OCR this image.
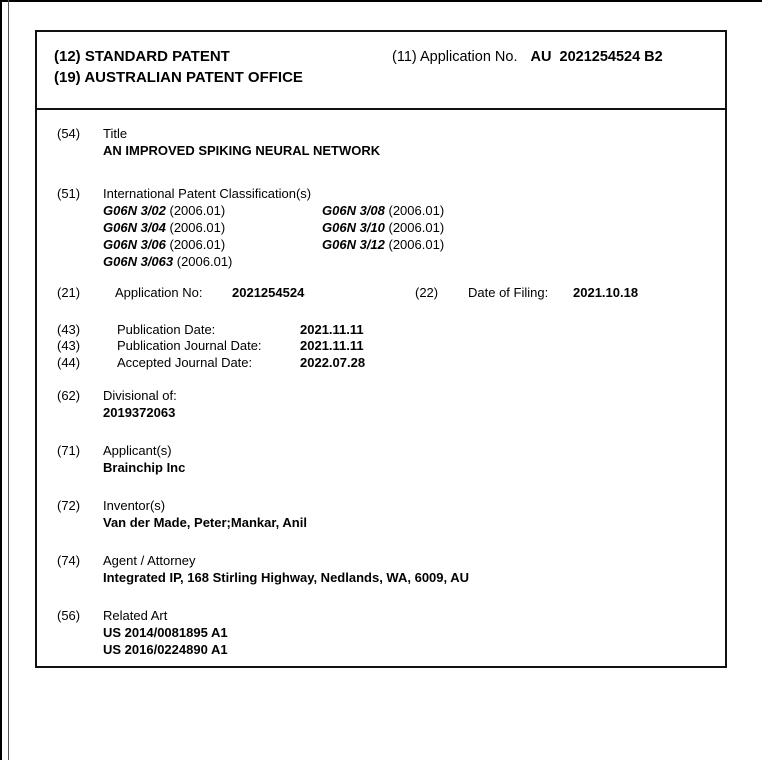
(12) STANDARD PATENT
(19) AUSTRALIAN PATENT OFFICE
(11) Application No. AU  2021254524 B2
(54) Title
AN IMPROVED SPIKING NEURAL NETWORK
(51) International Patent Classification(s)
G06N 3/02 (2006.01)	G06N 3/08 (2006.01)
G06N 3/04 (2006.01)	G06N 3/10 (2006.01)
G06N 3/06 (2006.01)	G06N 3/12 (2006.01)
G06N 3/063 (2006.01)
(21)	Application No: 2021254524	(22) Date of Filing: 2021.10.18
(43)	Publication Date:	2021.11.11
(43)	Publication Journal Date:	2021.11.11
(44)	Accepted Journal Date:	2022.07.28
(62) Divisional of:
2019372063
(71) Applicant(s)
Brainchip Inc
(72) Inventor(s)
Van der Made, Peter;Mankar, Anil
(74) Agent / Attorney
Integrated IP, 168 Stirling Highway, Nedlands, WA, 6009, AU
(56) Related Art
US 2014/0081895 A1
US 2016/0224890 A1
